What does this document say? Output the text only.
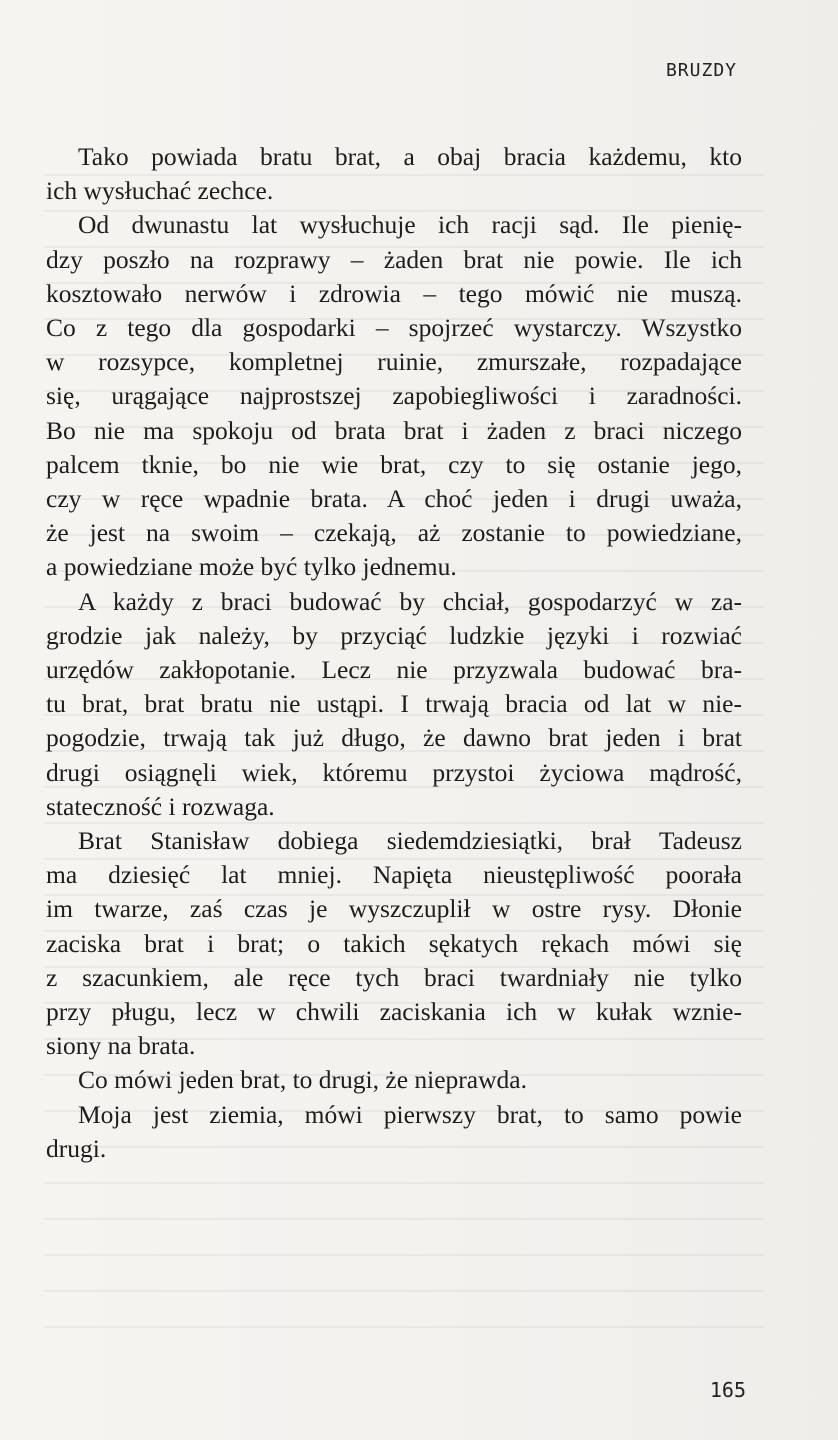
BRUZDY
Tako powiada bratu brat, a obaj bracia każdemu, kto
ich wysłuchać zechce.
Od dwunastu lat wysłuchuje ich racji sąd. Ile pienię-
dzy poszło na rozprawy – żaden brat nie powie. Ile ich
kosztowało nerwów i zdrowia – tego mówić nie muszą.
Co z tego dla gospodarki – spojrzeć wystarczy. Wszystko
w rozsypce, kompletnej ruinie, zmurszałe, rozpadające
się, urągające najprostszej zapobiegliwości i zaradności.
Bo nie ma spokoju od brata brat i żaden z braci niczego
palcem tknie, bo nie wie brat, czy to się ostanie jego,
czy w ręce wpadnie brata. A choć jeden i drugi uważa,
że jest na swoim – czekają, aż zostanie to powiedziane,
a powiedziane może być tylko jednemu.
A każdy z braci budować by chciał, gospodarzyć w za-
grodzie jak należy, by przyciąć ludzkie języki i rozwiać
urzędów zakłopotanie. Lecz nie przyzwala budować bra-
tu brat, brat bratu nie ustąpi. I trwają bracia od lat w nie-
pogodzie, trwają tak już długo, że dawno brat jeden i brat
drugi osiągnęli wiek, któremu przystoi życiowa mądrość,
stateczność i rozwaga.
Brat Stanisław dobiega siedemdziesiątki, brał Tadeusz
ma dziesięć lat mniej. Napięta nieustępliwość poorała
im twarze, zaś czas je wyszczuplił w ostre rysy. Dłonie
zaciska brat i brat; o takich sękatych rękach mówi się
z szacunkiem, ale ręce tych braci twardniały nie tylko
przy pługu, lecz w chwili zaciskania ich w kułak wznie-
siony na brata.
Co mówi jeden brat, to drugi, że nieprawda.
Moja jest ziemia, mówi pierwszy brat, to samo powie
drugi.
165
